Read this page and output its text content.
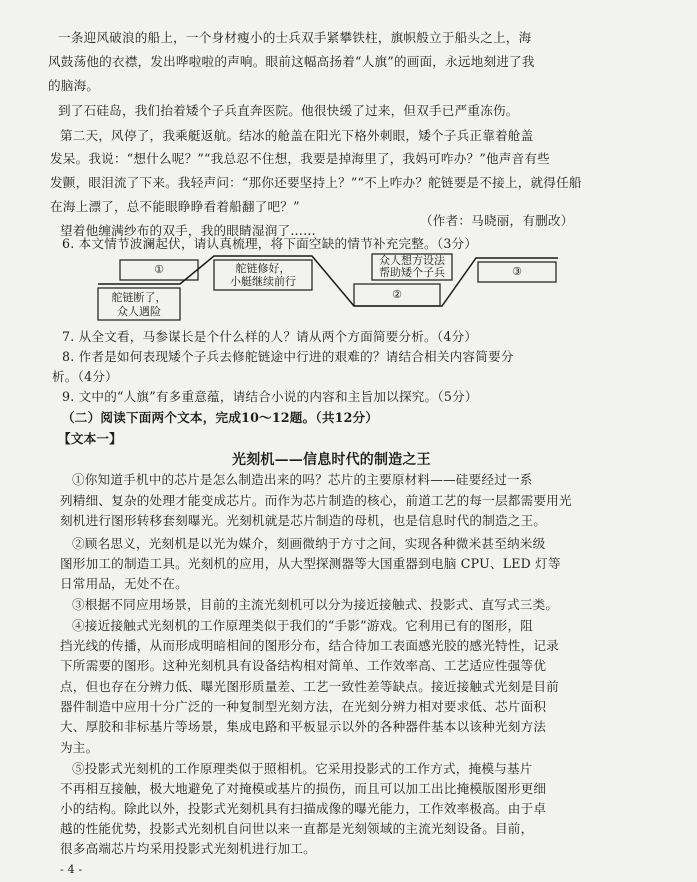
一条迎风破浪的船上，一个身材瘦小的士兵双手紧攀铁柱，旗帜般立于船头之上，海
风鼓荡他的衣襟，发出哗啦啦的声响。眼前这幅高扬着“人旗”的画面，永远地刻进了我
的脑海。
到了石硅岛，我们抬着矮个子兵直奔医院。他很快缓了过来，但双手已严重冻伤。
第二天，风停了，我乘艇返航。结冰的舱盖在阳光下格外刺眼，矮个子兵正靠着舱盖
发呆。我说：“想什么呢？”“我总忍不住想，我要是掉海里了，我妈可咋办？”他声音有些
发颤，眼泪流了下来。我轻声问：“那你还要坚持上？”“不上咋办？舵链要是不接上，就得任船
在海上漂了，总不能眼睁睁看着船翻了吧？”
望着他缠满纱布的双手，我的眼睛湿润了……
（作者：马晓丽，有删改）
6. 本文情节波澜起伏，请认真梳理，将下面空缺的情节补充完整。（3分）
①
舵链断了，
众人遇险
舵链修好，
小艇继续前行
②
众人想方设法
帮助矮个子兵	③
7. 从全文看，马参谋长是个什么样的人？请从两个方面简要分析。（4分）
8. 作者是如何表现矮个子兵去修舵链途中行进的艰难的？请结合相关内容简要分
析。（4分）
9. 文中的“人旗”有多重意蕴，请结合小说的内容和主旨加以探究。（5分）
（二）阅读下面两个文本，完成10～12题。（共12分）
【文本一】
光刻机——信息时代的制造之王
①你知道手机中的芯片是怎么制造出来的吗？芯片的主要原材料——硅要经过一系
列精细、复杂的处理才能变成芯片。而作为芯片制造的核心，前道工艺的每一层都需要用光
刻机进行图形转移套刻曝光。光刻机就是芯片制造的母机，也是信息时代的制造之王。
②顾名思义，光刻机是以光为媒介，刻画微纳于方寸之间，实现各种微米甚至纳米级
图形加工的制造工具。光刻机的应用，从大型探测器等大国重器到电脑 CPU、LED 灯等
日常用品，无处不在。
③根据不同应用场景，目前的主流光刻机可以分为接近接触式、投影式、直写式三类。
④接近接触式光刻机的工作原理类似于我们的“手影”游戏。它利用已有的图形，阻
挡光线的传播，从而形成明暗相间的图形分布，结合待加工表面感光胶的感光特性，记录
下所需要的图形。这种光刻机具有设备结构相对简单、工作效率高、工艺适应性强等优
点，但也存在分辨力低、曝光图形质量差、工艺一致性差等缺点。接近接触式光刻是目前
器件制造中应用十分广泛的一种复制型光刻方法，在光刻分辨力相对要求低、芯片面积
大、厚胶和非标基片等场景，集成电路和平板显示以外的各种器件基本以该种光刻方法
为主。
⑤投影式光刻机的工作原理类似于照相机。它采用投影式的工作方式，掩模与基片
不再相互接触，极大地避免了对掩模或基片的损伤，而且可以加工出比掩模版图形更细
小的结构。除此以外，投影式光刻机具有扫描成像的曝光能力，工作效率极高。由于卓
越的性能优势，投影式光刻机自问世以来一直都是光刻领域的主流光刻设备。目前，
很多高端芯片均采用投影式光刻机进行加工。
- 4 -
